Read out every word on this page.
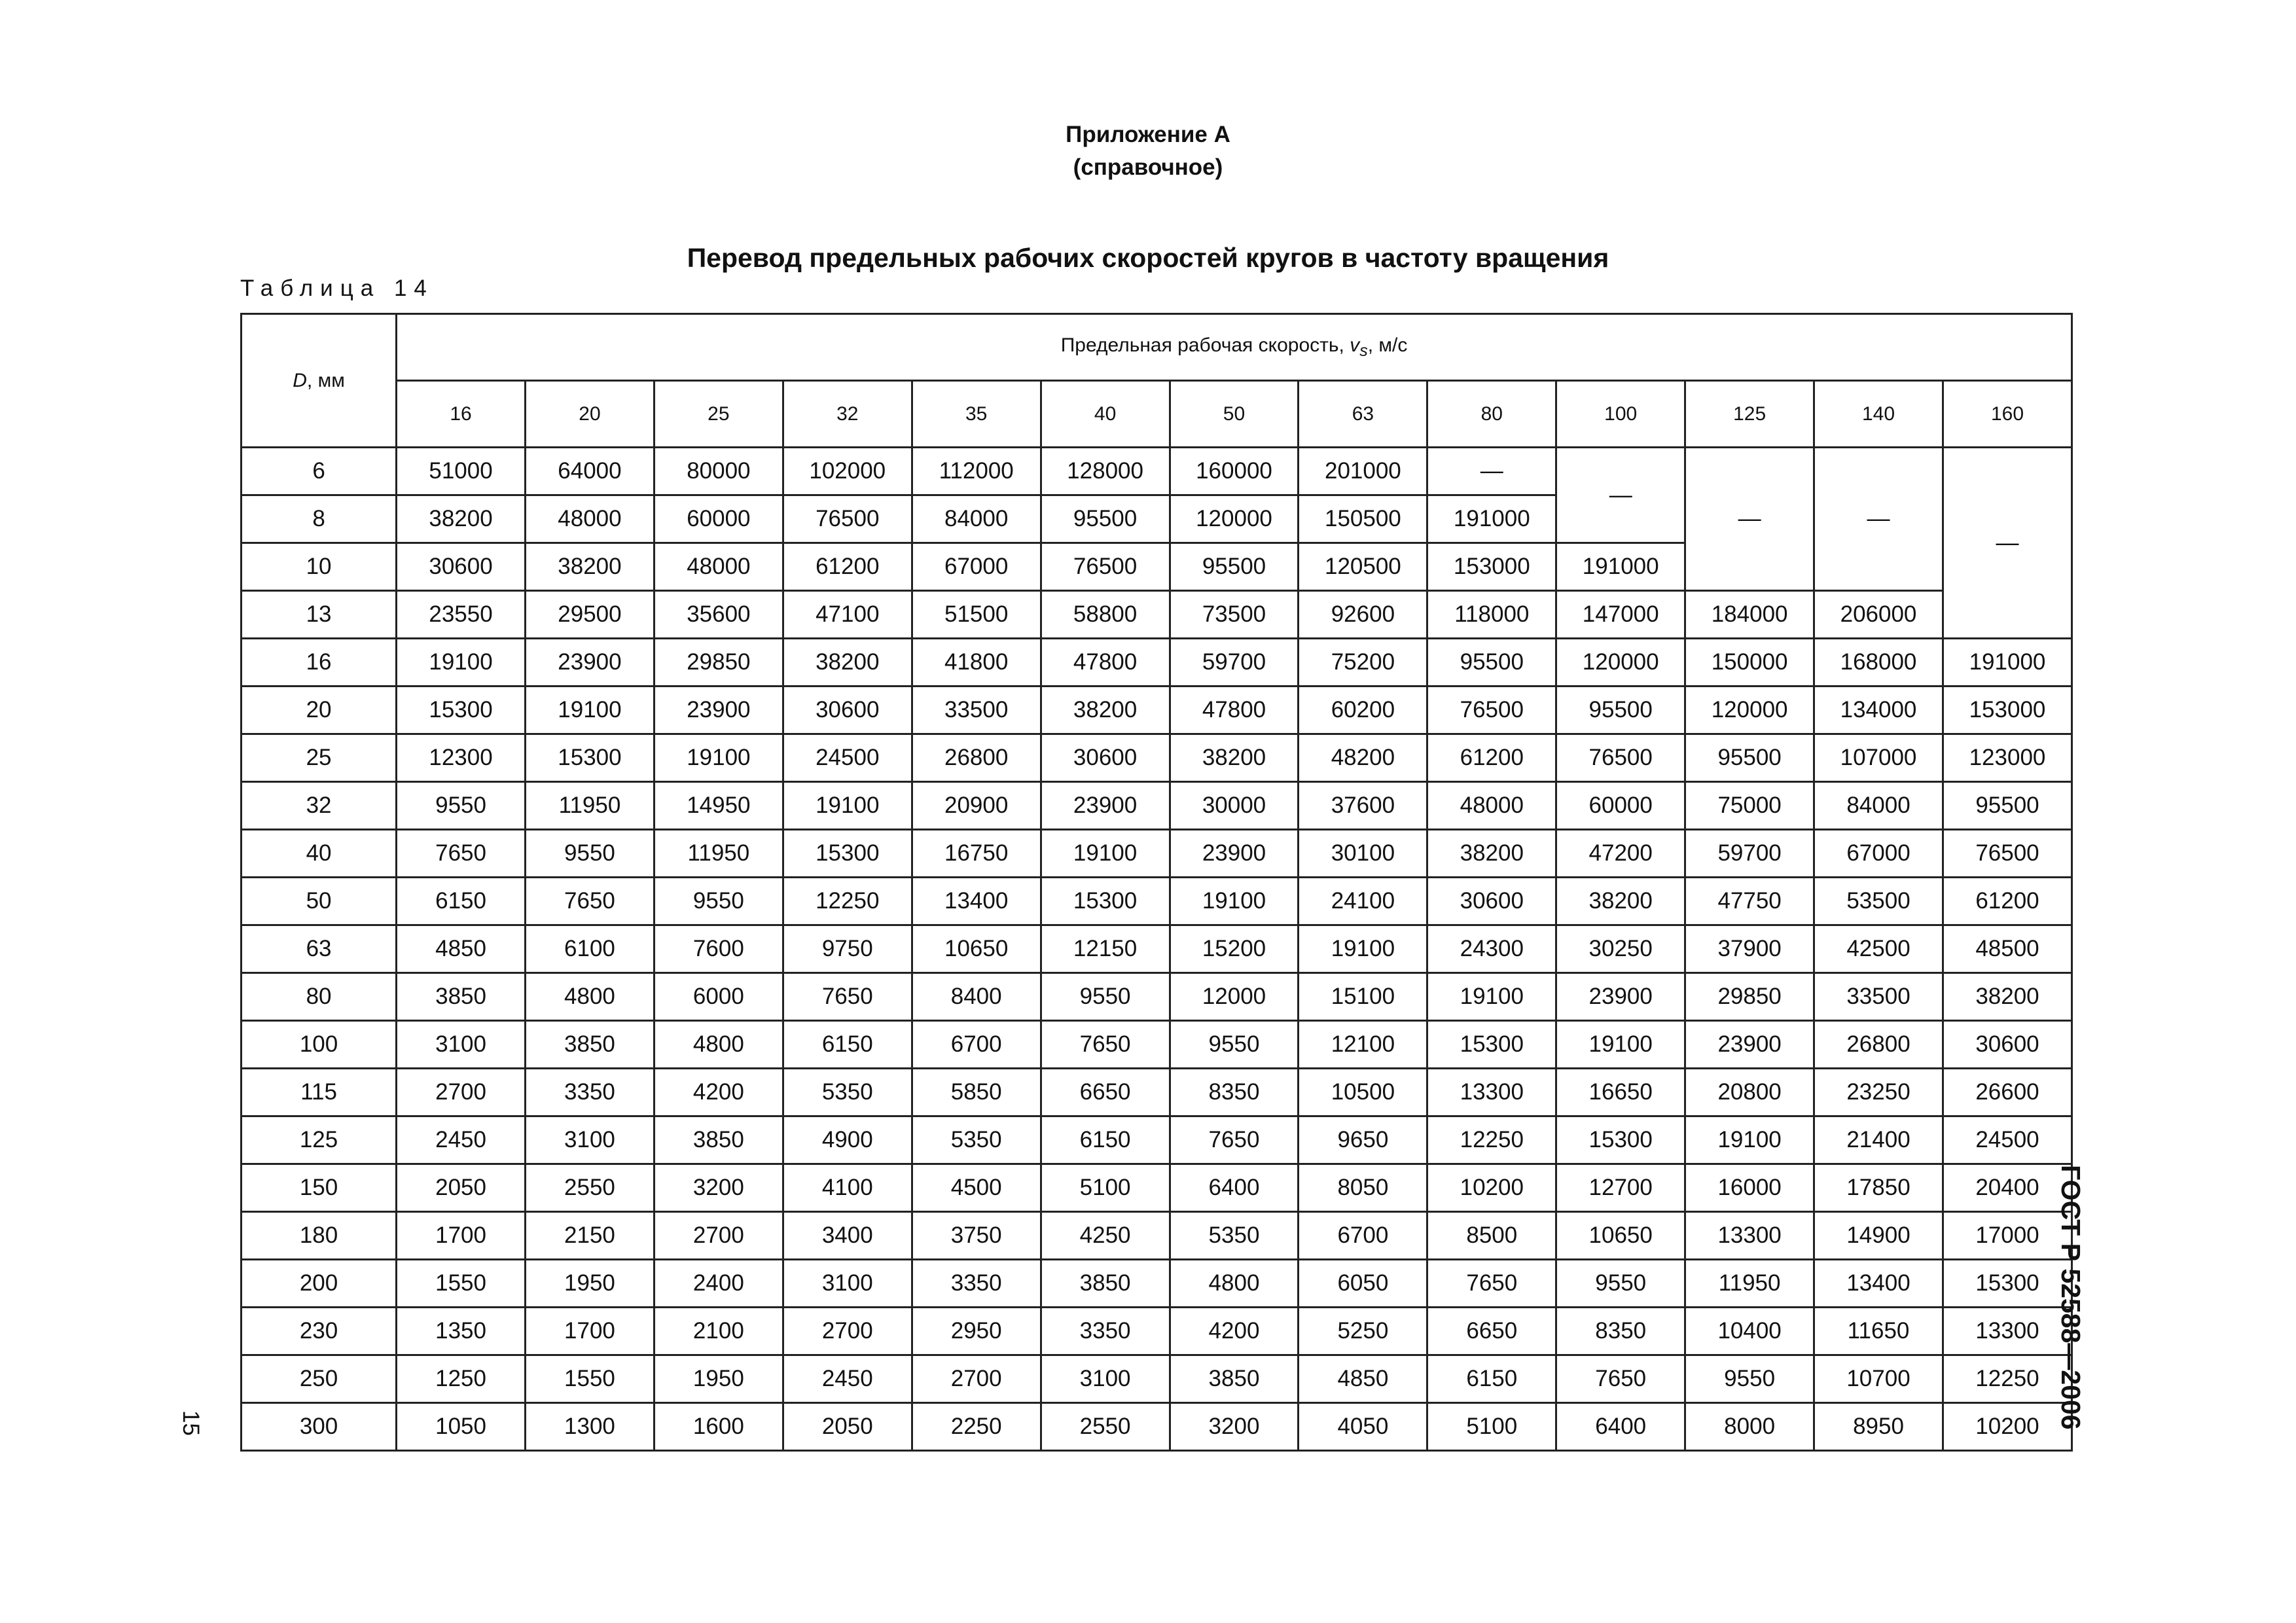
Приложение А
(справочное)
Перевод предельных рабочих скоростей кругов в частоту вращения
Таблица 14
D, мм	Предельная рабочая скорость, $v_s$, м/с												
	16	20	25	32	35	40	50	63	80	100	125	140	160
6	51000	64000	80000	102000	112000	128000	160000	201000	—	—	—	—	—
8	38200	48000	60000	76500	84000	95500	120000	150500	191000				
10	30600	38200	48000	61200	67000	76500	95500	120500	153000	191000			
13	23550	29500	35600	47100	51500	58800	73500	92600	118000	147000	184000	206000	
16	19100	23900	29850	38200	41800	47800	59700	75200	95500	120000	150000	168000	191000
20	15300	19100	23900	30600	33500	38200	47800	60200	76500	95500	120000	134000	153000
25	12300	15300	19100	24500	26800	30600	38200	48200	61200	76500	95500	107000	123000
32	9550	11950	14950	19100	20900	23900	30000	37600	48000	60000	75000	84000	95500
40	7650	9550	11950	15300	16750	19100	23900	30100	38200	47200	59700	67000	76500
50	6150	7650	9550	12250	13400	15300	19100	24100	30600	38200	47750	53500	61200
63	4850	6100	7600	9750	10650	12150	15200	19100	24300	30250	37900	42500	48500
80	3850	4800	6000	7650	8400	9550	12000	15100	19100	23900	29850	33500	38200
100	3100	3850	4800	6150	6700	7650	9550	12100	15300	19100	23900	26800	30600
115	2700	3350	4200	5350	5850	6650	8350	10500	13300	16650	20800	23250	26600
125	2450	3100	3850	4900	5350	6150	7650	9650	12250	15300	19100	21400	24500
150	2050	2550	3200	4100	4500	5100	6400	8050	10200	12700	16000	17850	20400
180	1700	2150	2700	3400	3750	4250	5350	6700	8500	10650	13300	14900	17000
200	1550	1950	2400	3100	3350	3850	4800	6050	7650	9550	11950	13400	15300
230	1350	1700	2100	2700	2950	3350	4200	5250	6650	8350	10400	11650	13300
250	1250	1550	1950	2450	2700	3100	3850	4850	6150	7650	9550	10700	12250
300	1050	1300	1600	2050	2250	2550	3200	4050	5100	6400	8000	8950	10200 ГОСТ Р 52588—2006
15
